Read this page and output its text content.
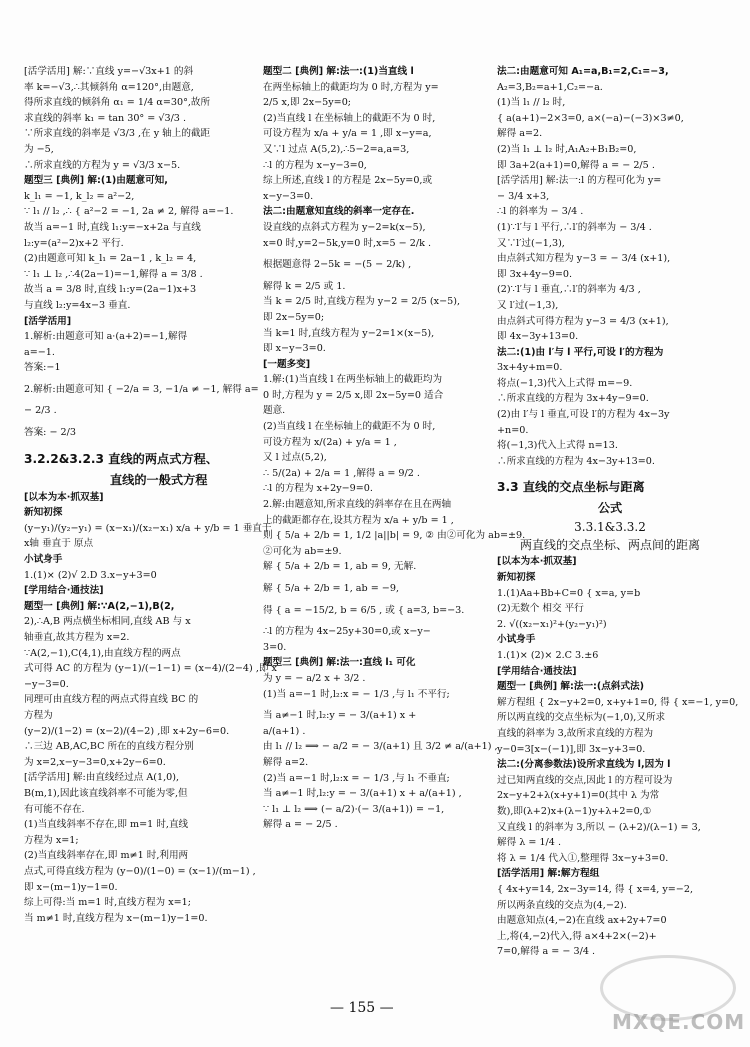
[活学活用] 解:∵直线 y=−√3x+1 的斜
率 k=−√3,∴其倾斜角 α=120°,由题意,
得所求直线的倾斜角 α₁ = 1/4 α=30°,故所
求直线的斜率 k₁ = tan 30° = √3/3 .
∵所求直线的斜率是 √3/3 ,在 y 轴上的截距
为 −5,
∴所求直线的方程为 y = √3/3 x−5.
题型三 [典例] 解:(1)由题意可知,
k_l₁ = −1, k_l₂ = a²−2,
∵ l₁ // l₂ ,∴ { a²−2 = −1, 2a ≠ 2, 解得 a=−1.
故当 a=−1 时,直线 l₁:y=−x+2a 与直线
l₂:y=(a²−2)x+2 平行.
(2)由题意可知 k_l₁ = 2a−1 , k_l₂ = 4,
∵ l₁ ⊥ l₂ ,∴4(2a−1)=−1,解得 a = 3/8 .
故当 a = 3/8 时,直线 l₁:y=(2a−1)x+3
与直线 l₂:y=4x−3 垂直.
[活学活用]
1.解析:由题意可知 a·(a+2)=−1,解得
a=−1.
答案:−1
2.解析:由题意可知 { −2/a = 3, −1/a ≠ −1, 解得 a=
− 2/3 .
答案: − 2/3
3.2.2&3.2.3 直线的两点式方程、
直线的一般式方程
[以本为本·抓双基]
新知初探
(y−y₁)/(y₂−y₁) = (x−x₁)/(x₂−x₁) x/a + y/b = 1 垂直于
x轴 垂直于 原点
小试身手
1.(1)× (2)√ 2.D 3.x−y+3=0
[学用结合·通技法]
题型一 [典例] 解:∵A(2,−1),B(2,
2),∴A,B 两点横坐标相同,直线 AB 与 x
轴垂直,故其方程为 x=2.
∵A(2,−1),C(4,1),由直线方程的两点
式可得 AC 的方程为 (y−1)/(−1−1) = (x−4)/(2−4) ,即 x
−y−3=0.
同理可由直线方程的两点式得直线 BC 的
方程为
(y−2)/(1−2) = (x−2)/(4−2) ,即 x+2y−6=0.
∴三边 AB,AC,BC 所在的直线方程分别
为 x=2,x−y−3=0,x+2y−6=0.
[活学活用] 解:由直线经过点 A(1,0),
B(m,1),因此该直线斜率不可能为零,但
有可能不存在.
(1)当直线斜率不存在,即 m=1 时,直线
方程为 x=1;
(2)当直线斜率存在,即 m≠1 时,利用两
点式,可得直线方程为 (y−0)/(1−0) = (x−1)/(m−1) ,
即 x−(m−1)y−1=0.
综上可得:当 m=1 时,直线方程为 x=1;
当 m≠1 时,直线方程为 x−(m−1)y−1=0.
题型二 [典例] 解:法一:(1)当直线 l
在两坐标轴上的截距均为 0 时,方程为 y=
2/5 x,即 2x−5y=0;
(2)当直线 l 在坐标轴上的截距不为 0 时,
可设方程为 x/a + y/a = 1 ,即 x−y=a,
又∵l 过点 A(5,2),∴5−2=a,a=3,
∴l 的方程为 x−y−3=0,
综上所述,直线 l 的方程是 2x−5y=0,或
x−y−3=0.
法二:由题意知直线的斜率一定存在.
设直线的点斜式方程为 y−2=k(x−5),
x=0 时,y=2−5k,y=0 时,x=5 − 2/k .
根据题意得 2−5k = −(5 − 2/k) ,
解得 k = 2/5 或 1.
当 k = 2/5 时,直线方程为 y−2 = 2/5 (x−5),
即 2x−5y=0;
当 k=1 时,直线方程为 y−2=1×(x−5),
即 x−y−3=0.
[一题多变]
1.解:(1)当直线 l 在两坐标轴上的截距均为
0 时,方程为 y = 2/5 x,即 2x−5y=0 适合
题意.
(2)当直线 l 在坐标轴上的截距不为 0 时,
可设方程为 x/(2a) + y/a = 1 ,
又 l 过点(5,2),
∴ 5/(2a) + 2/a = 1 ,解得 a = 9/2 .
∴l 的方程为 x+2y−9=0.
2.解:由题意知,所求直线的斜率存在且在两轴
上的截距都存在,设其方程为 x/a + y/b = 1 ,
则 { 5/a + 2/b = 1, 1/2 |a||b| = 9, ② 由②可化为 ab=±9.
②可化为 ab=±9.
解 { 5/a + 2/b = 1, ab = 9, 无解.
解 { 5/a + 2/b = 1, ab = −9,
得 { a = −15/2, b = 6/5 , 或 { a=3, b=−3.
∴l 的方程为 4x−25y+30=0,或 x−y−
3=0.
题型三 [典例] 解:法一:直线 l₁ 可化
为 y = − a/2 x + 3/2 .
(1)当 a=−1 时,l₂:x = − 1/3 ,与 l₁ 不平行;
当 a≠−1 时,l₂:y = − 3/(a+1) x +
a/(a+1) .
由 l₁ // l₂ ⟹ − a/2 = − 3/(a+1) 且 3/2 ≠ a/(a+1) ,
解得 a=2.
(2)当 a=−1 时,l₂:x = − 1/3 ,与 l₁ 不垂直;
当 a≠−1 时,l₂:y = − 3/(a+1) x + a/(a+1) ,
∵ l₁ ⊥ l₂ ⟹ (− a/2)·(− 3/(a+1)) = −1,
解得 a = − 2/5 .
法二:由题意可知 A₁=a,B₁=2,C₁=−3,
A₂=3,B₂=a+1,C₂=−a.
(1)当 l₁ // l₂ 时,
{ a(a+1)−2×3=0, a×(−a)−(−3)×3≠0,
解得 a=2.
(2)当 l₁ ⊥ l₂ 时,A₁A₂+B₁B₂=0,
即 3a+2(a+1)=0,解得 a = − 2/5 .
[活学活用] 解:法一:l 的方程可化为 y=
− 3/4 x+3,
∴l 的斜率为 − 3/4 .
(1)∵l′与 l 平行,∴l′的斜率为 − 3/4 .
又∵l′过(−1,3),
由点斜式知方程为 y−3 = − 3/4 (x+1),
即 3x+4y−9=0.
(2)∵l′与 l 垂直,∴l′的斜率为 4/3 ,
又 l′过(−1,3),
由点斜式可得方程为 y−3 = 4/3 (x+1),
即 4x−3y+13=0.
法二:(1)由 l′与 l 平行,可设 l′的方程为
3x+4y+m=0.
将点(−1,3)代入上式得 m=−9.
∴所求直线的方程为 3x+4y−9=0.
(2)由 l′与 l 垂直,可设 l′的方程为 4x−3y
+n=0.
将(−1,3)代入上式得 n=13.
∴所求直线的方程为 4x−3y+13=0.
3.3 直线的交点坐标与距离
公式
3.3.1&3.3.2
两直线的交点坐标、两点间的距离
[以本为本·抓双基]
新知初探
1.(1)Aa+Bb+C=0 { x=a, y=b
(2)无数个 相交 平行
2. √((x₂−x₁)²+(y₂−y₁)²)
小试身手
1.(1)× (2)× 2.C 3.±6
[学用结合·通技法]
题型一 [典例] 解:法一:(点斜式法)
解方程组 { 2x−y+2=0, x+y+1=0, 得 { x=−1, y=0,
所以两直线的交点坐标为(−1,0),又所求
直线的斜率为 3,故所求直线的方程为
y−0=3[x−(−1)],即 3x−y+3=0.
法二:(分离参数法)设所求直线为 l,因为 l
过已知两直线的交点,因此 l 的方程可设为
2x−y+2+λ(x+y+1)=0(其中 λ 为常
数),即(λ+2)x+(λ−1)y+λ+2=0,①
又直线 l 的斜率为 3,所以 − (λ+2)/(λ−1) = 3,
解得 λ = 1/4 .
将 λ = 1/4 代入①,整理得 3x−y+3=0.
[活学活用] 解:解方程组
{ 4x+y=14, 2x−3y=14, 得 { x=4, y=−2,
所以两条直线的交点为(4,−2).
由题意知点(4,−2)在直线 ax+2y+7=0
上,将(4,−2)代入,得 a×4+2×(−2)+
7=0,解得 a = − 3/4 .
— 155 —
MXQE.COM
